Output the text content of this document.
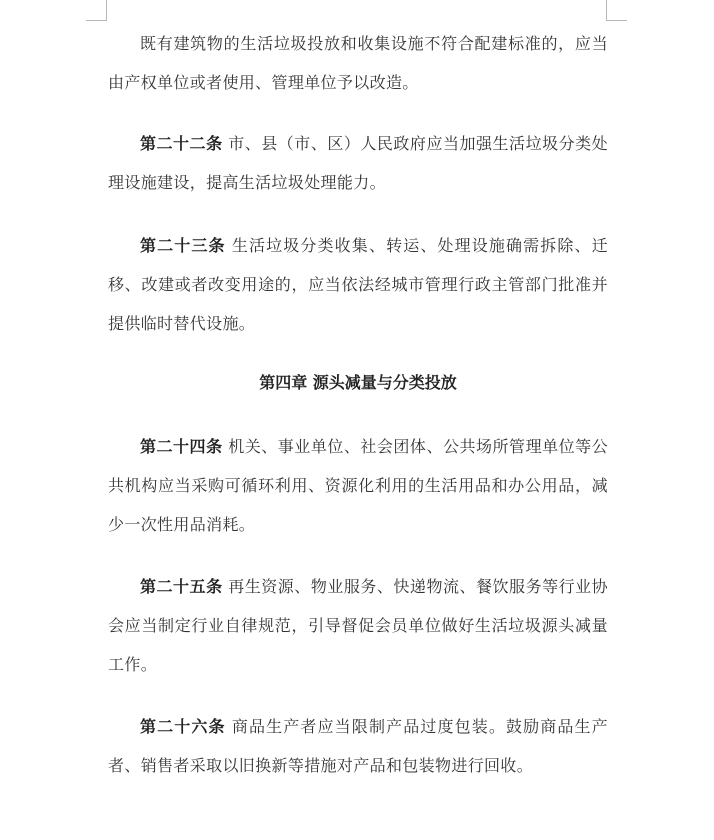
既有建筑物的生活垃圾投放和收集设施不符合配建标准的，应当由产权单位或者使用、管理单位予以改造。

第二十二条 市、县（市、区）人民政府应当加强生活垃圾分类处理设施建设，提高生活垃圾处理能力。

第二十三条 生活垃圾分类收集、转运、处理设施确需拆除、迁移、改建或者改变用途的，应当依法经城市管理行政主管部门批准并提供临时替代设施。

第四章 源头减量与分类投放

第二十四条 机关、事业单位、社会团体、公共场所管理单位等公共机构应当采购可循环利用、资源化利用的生活用品和办公用品，减少一次性用品消耗。

第二十五条 再生资源、物业服务、快递物流、餐饮服务等行业协会应当制定行业自律规范，引导督促会员单位做好生活垃圾源头减量工作。

第二十六条 商品生产者应当限制产品过度包装。鼓励商品生产者、销售者采取以旧换新等措施对产品和包装物进行回收。
